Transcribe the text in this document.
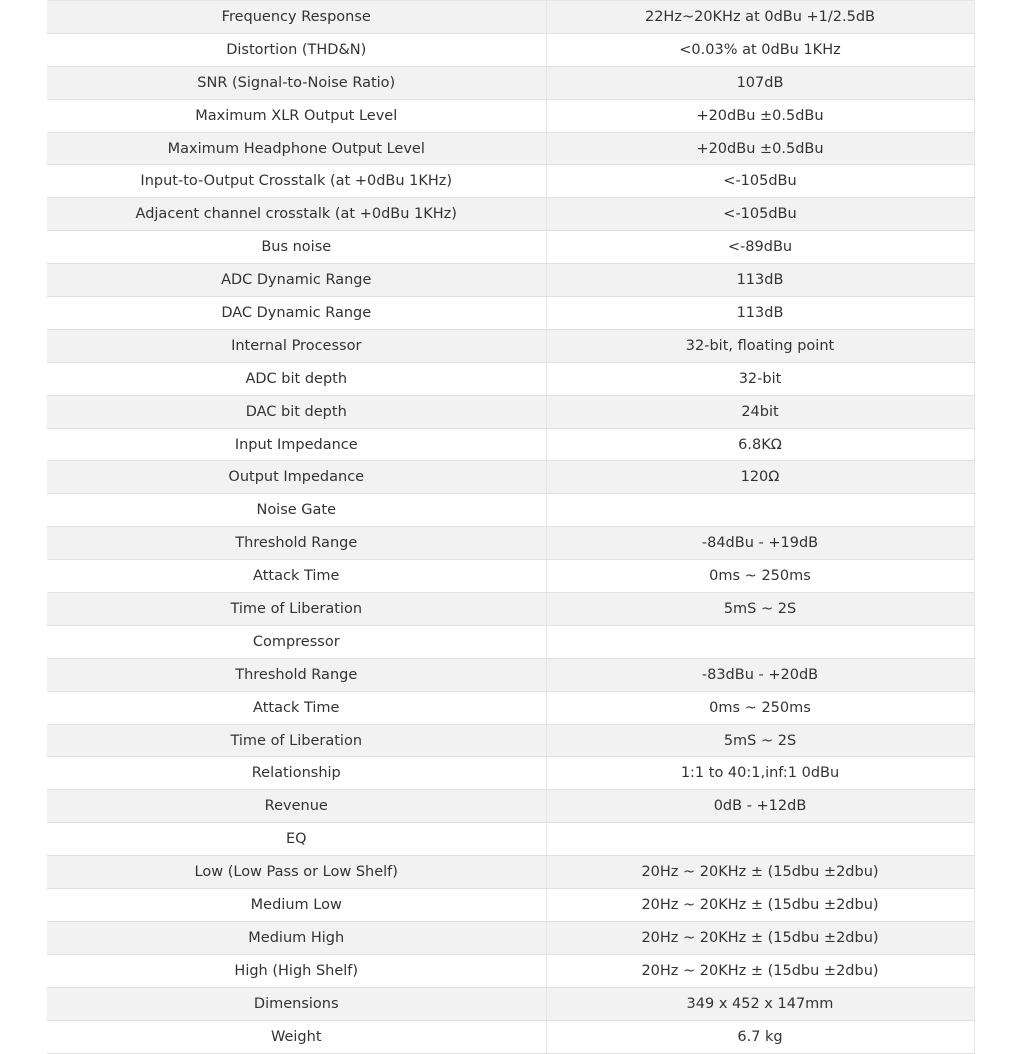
Frequency Response	22Hz~20KHz at 0dBu +1/2.5dB
Distortion (THD&N)	<0.03% at 0dBu 1KHz
SNR (Signal-to-Noise Ratio)	107dB
Maximum XLR Output Level	+20dBu ±0.5dBu
Maximum Headphone Output Level	+20dBu ±0.5dBu
Input-to-Output Crosstalk (at +0dBu 1KHz)	<-105dBu
Adjacent channel crosstalk (at +0dBu 1KHz)	<-105dBu
Bus noise	<-89dBu
ADC Dynamic Range	113dB
DAC Dynamic Range	113dB
Internal Processor	32-bit, floating point
ADC bit depth	32-bit
DAC bit depth	24bit
Input Impedance	6.8KΩ
Output Impedance	120Ω
Noise Gate	
Threshold Range	-84dBu - +19dB
Attack Time	0ms ~ 250ms
Time of Liberation	5mS ~ 2S
Compressor	
Threshold Range	-83dBu - +20dB
Attack Time	0ms ~ 250ms
Time of Liberation	5mS ~ 2S
Relationship	1:1 to 40:1,inf:1 0dBu
Revenue	0dB - +12dB
EQ	
Low (Low Pass or Low Shelf)	20Hz ~ 20KHz ± (15dbu ±2dbu)
Medium Low	20Hz ~ 20KHz ± (15dbu ±2dbu)
Medium High	20Hz ~ 20KHz ± (15dbu ±2dbu)
High (High Shelf)	20Hz ~ 20KHz ± (15dbu ±2dbu)
Dimensions	349 x 452 x 147mm
Weight	6.7 kg
